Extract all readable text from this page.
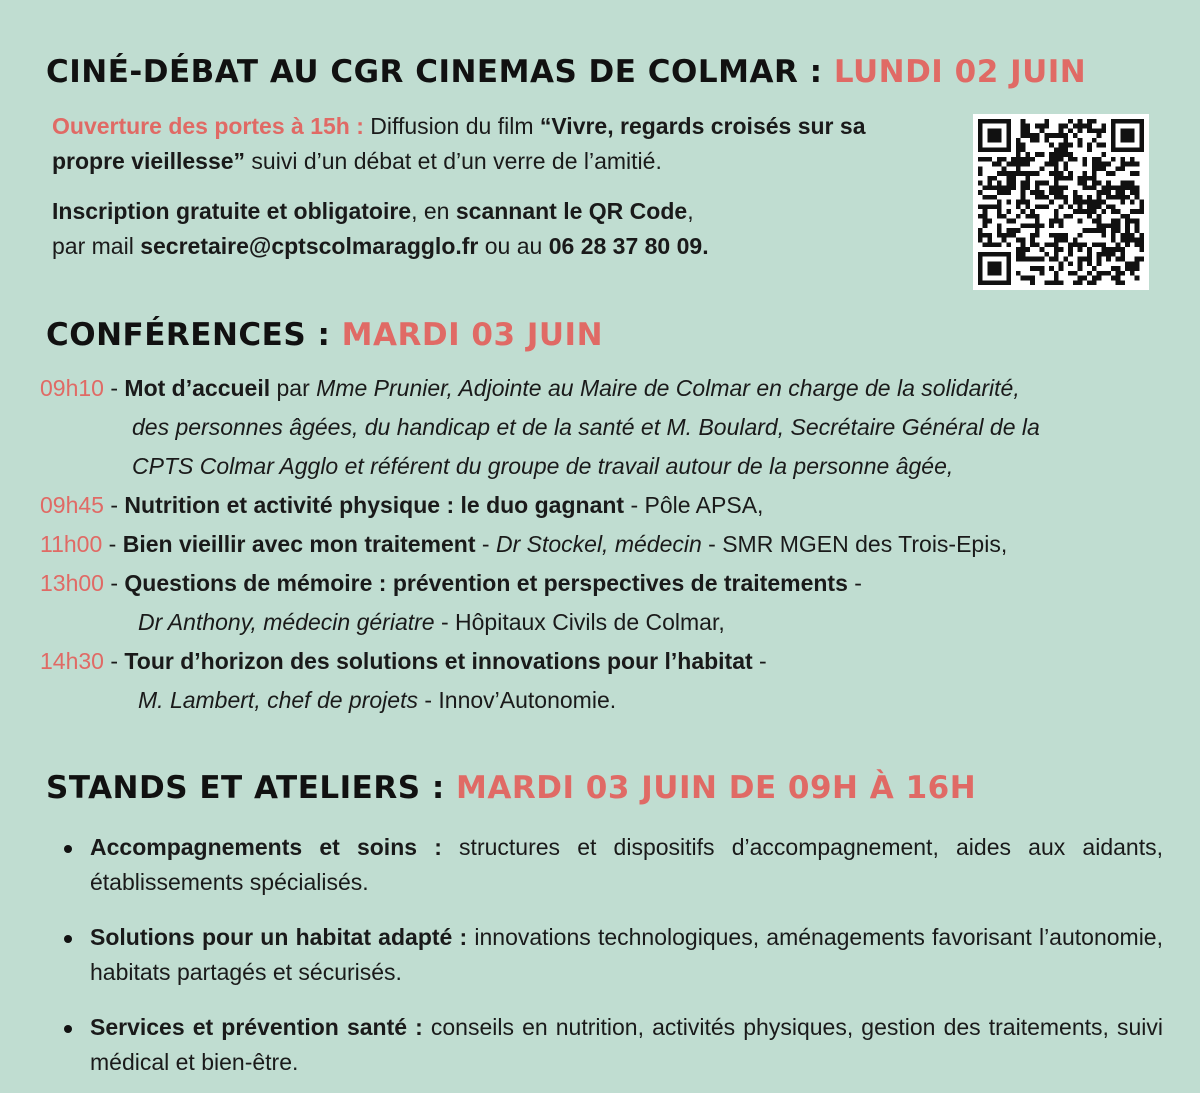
CINÉ-DÉBAT AU CGR CINEMAS DE COLMAR : LUNDI 02 JUIN
Ouverture des portes à 15h : Diffusion du film “Vivre, regards croisés sur sa propre vieillesse” suivi d’un débat et d’un verre de l’amitié.
Inscription gratuite et obligatoire, en scannant le QR Code,
par mail secretaire@cptscolmaragglo.fr ou au 06 28 37 80 09.
CONFÉRENCES : MARDI 03 JUIN
09h10 - Mot d’accueil par Mme Prunier, Adjointe au Maire de Colmar en charge de la solidarité,
des personnes âgées, du handicap et de la santé et M. Boulard, Secrétaire Général de la
CPTS Colmar Agglo et référent du groupe de travail autour de la personne âgée,
09h45 - Nutrition et activité physique : le duo gagnant - Pôle APSA,
11h00 - Bien vieillir avec mon traitement - Dr Stockel, médecin - SMR MGEN des Trois-Epis,
13h00 - Questions de mémoire : prévention et perspectives de traitements -
Dr Anthony, médecin gériatre - Hôpitaux Civils de Colmar,
14h30 - Tour d’horizon des solutions et innovations pour l’habitat -
M. Lambert, chef de projets - Innov’Autonomie.
STANDS ET ATELIERS : MARDI 03 JUIN DE 09H À 16H
Accompagnements et soins : structures et dispositifs d’accompagnement, aides aux aidants, établissements spécialisés.
Solutions pour un habitat adapté : innovations technologiques, aménagements favorisant l’autonomie, habitats partagés et sécurisés.
Services et prévention santé : conseils en nutrition, activités physiques, gestion des traitements, suivi médical et bien-être.
